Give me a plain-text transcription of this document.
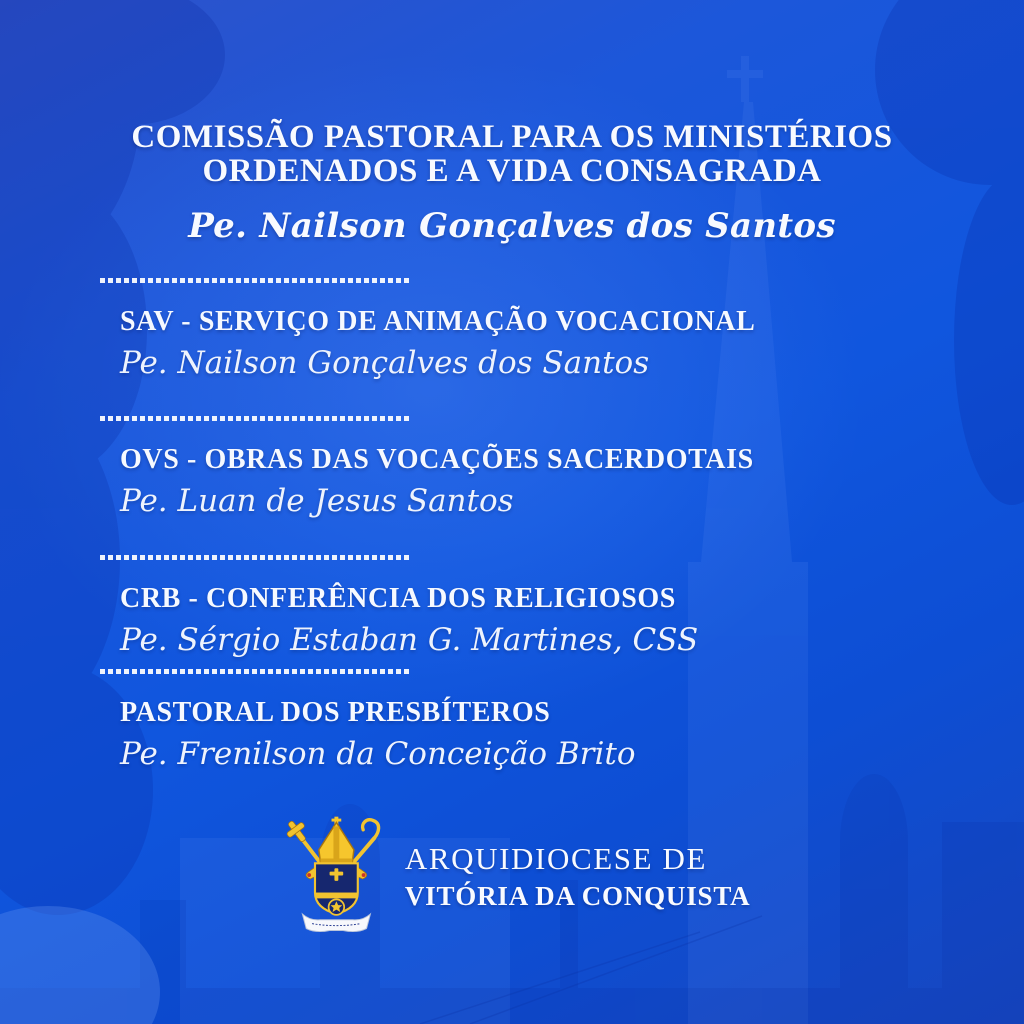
COMISSÃO PASTORAL PARA OS MINISTÉRIOS
ORDENADOS E A VIDA CONSAGRADA
Pe. Nailson Gonçalves dos Santos
SAV - SERVIÇO DE ANIMAÇÃO VOCACIONAL
Pe. Nailson Gonçalves dos Santos
OVS - OBRAS DAS VOCAÇÕES SACERDOTAIS
Pe. Luan de Jesus Santos
CRB - CONFERÊNCIA DOS RELIGIOSOS
Pe. Sérgio Estaban G. Martines, CSS
PASTORAL DOS PRESBÍTEROS
Pe. Frenilson da Conceição Brito
ARQUIDIOCESE DE
VITÓRIA DA CONQUISTA
